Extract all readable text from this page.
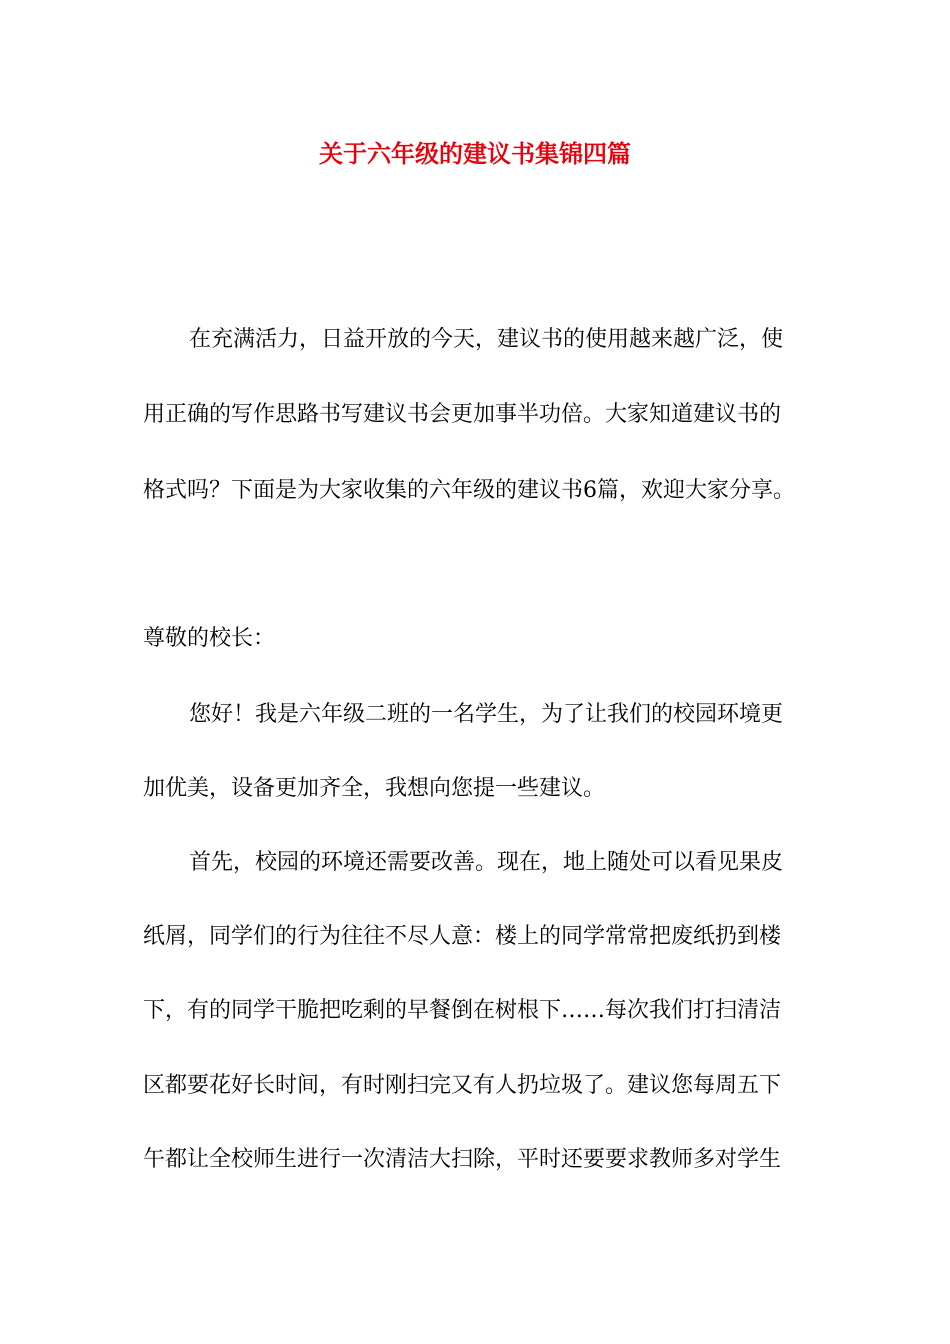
关于六年级的建议书集锦四篇
在充满活力，日益开放的今天，建议书的使用越来越广泛，使
用正确的写作思路书写建议书会更加事半功倍。大家知道建议书的
格式吗？下面是为大家收集的六年级的建议书6篇，欢迎大家分享。
尊敬的校长：
您好！我是六年级二班的一名学生，为了让我们的校园环境更
加优美，设备更加齐全，我想向您提一些建议。
首先，校园的环境还需要改善。现在，地上随处可以看见果皮
纸屑，同学们的行为往往不尽人意：楼上的同学常常把废纸扔到楼
下，有的同学干脆把吃剩的早餐倒在树根下……每次我们打扫清洁
区都要花好长时间，有时刚扫完又有人扔垃圾了。建议您每周五下
午都让全校师生进行一次清洁大扫除，平时还要要求教师多对学生
